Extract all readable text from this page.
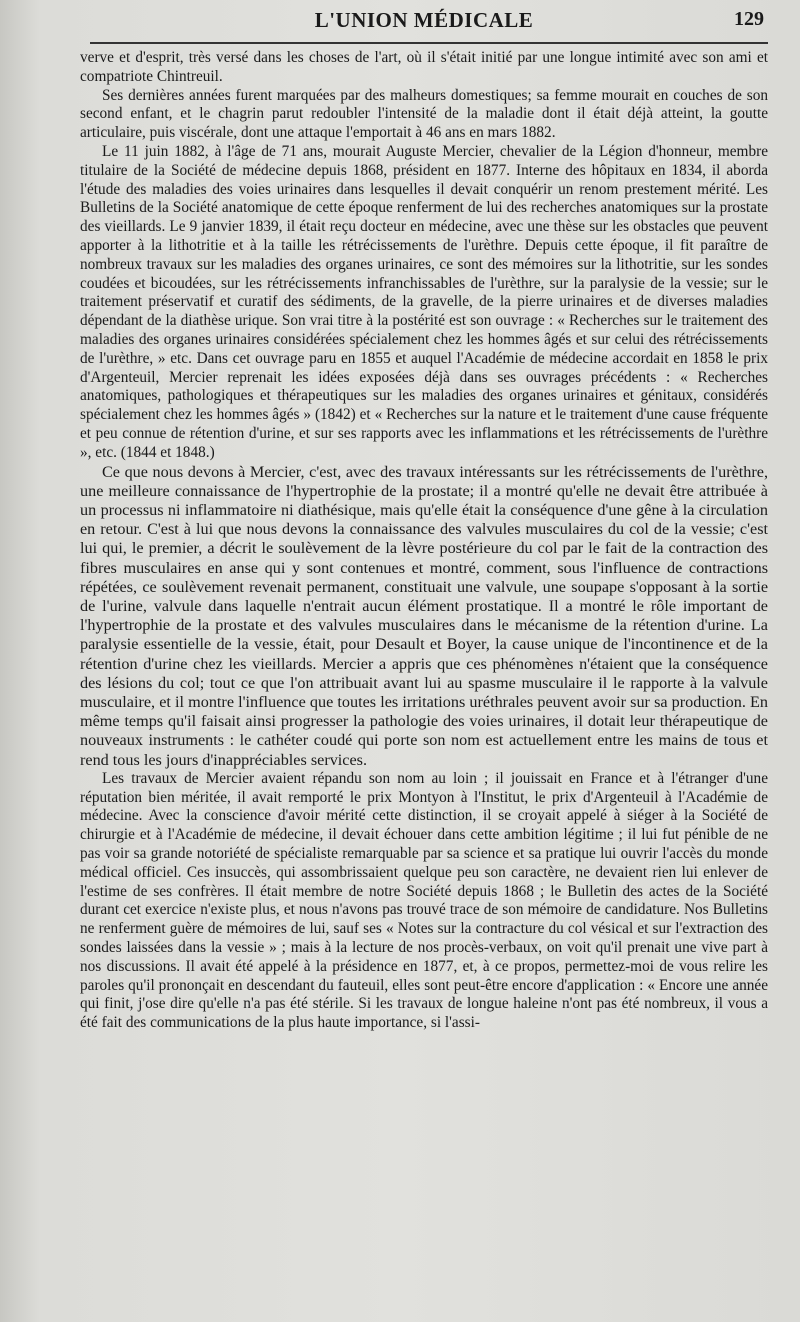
L'UNION MÉDICALE	129

verve et d'esprit, très versé dans les choses de l'art, où il s'était initié par une longue intimité avec son ami et compatriote Chintreuil.

Ses dernières années furent marquées par des malheurs domestiques; sa femme mourait en couches de son second enfant, et le chagrin parut redoubler l'intensité de la maladie dont il était déjà atteint, la goutte articulaire, puis viscérale, dont une attaque l'emportait à 46 ans en mars 1882.

Le 11 juin 1882, à l'âge de 71 ans, mourait Auguste Mercier, chevalier de la Légion d'honneur, membre titulaire de la Société de médecine depuis 1868, président en 1877. Interne des hôpitaux en 1834, il aborda l'étude des maladies des voies urinaires dans lesquelles il devait conquérir un renom prestement mérité. Les Bulletins de la Société anatomique de cette époque renferment de lui des recherches anatomiques sur la prostate des vieillards. Le 9 janvier 1839, il était reçu docteur en médecine, avec une thèse sur les obstacles que peuvent apporter à la lithotritie et à la taille les rétrécissements de l'urèthre. Depuis cette époque, il fit paraître de nombreux travaux sur les maladies des organes urinaires, ce sont des mémoires sur la lithotritie, sur les sondes coudées et bicoudées, sur les rétrécissements infranchissables de l'urèthre, sur la paralysie de la vessie; sur le traitement préservatif et curatif des sédiments, de la gravelle, de la pierre urinaires et de diverses maladies dépendant de la diathèse urique. Son vrai titre à la postérité est son ouvrage : « Recherches sur le traitement des maladies des organes urinaires considérées spécialement chez les hommes âgés et sur celui des rétrécissements de l'urèthre, » etc. Dans cet ouvrage paru en 1855 et auquel l'Académie de médecine accordait en 1858 le prix d'Argenteuil, Mercier reprenait les idées exposées déjà dans ses ouvrages précédents : « Recherches anatomiques, pathologiques et thérapeutiques sur les maladies des organes urinaires et génitaux, considérés spécialement chez les hommes âgés » (1842) et « Recherches sur la nature et le traitement d'une cause fréquente et peu connue de rétention d'urine, et sur ses rapports avec les inflammations et les rétrécissements de l'urèthre », etc. (1844 et 1848.)

Ce que nous devons à Mercier, c'est, avec des travaux intéressants sur les rétrécissements de l'urèthre, une meilleure connaissance de l'hypertrophie de la prostate; il a montré qu'elle ne devait être attribuée à un processus ni inflammatoire ni diathésique, mais qu'elle était la conséquence d'une gêne à la circulation en retour. C'est à lui que nous devons la connaissance des valvules musculaires du col de la vessie; c'est lui qui, le premier, a décrit le soulèvement de la lèvre postérieure du col par le fait de la contraction des fibres musculaires en anse qui y sont contenues et montré, comment, sous l'influence de contractions répétées, ce soulèvement revenait permanent, constituait une valvule, une soupape s'opposant à la sortie de l'urine, valvule dans laquelle n'entrait aucun élément prostatique. Il a montré le rôle important de l'hypertrophie de la prostate et des valvules musculaires dans le mécanisme de la rétention d'urine. La paralysie essentielle de la vessie, était, pour Desault et Boyer, la cause unique de l'incontinence et de la rétention d'urine chez les vieillards. Mercier a appris que ces phénomènes n'étaient que la conséquence des lésions du col; tout ce que l'on attribuait avant lui au spasme musculaire il le rapporte à la valvule musculaire, et il montre l'influence que toutes les irritations uréthrales peuvent avoir sur sa production. En même temps qu'il faisait ainsi progresser la pathologie des voies urinaires, il dotait leur thérapeutique de nouveaux instruments : le cathéter coudé qui porte son nom est actuellement entre les mains de tous et rend tous les jours d'inappréciables services.

Les travaux de Mercier avaient répandu son nom au loin ; il jouissait en France et à l'étranger d'une réputation bien méritée, il avait remporté le prix Montyon à l'Institut, le prix d'Argenteuil à l'Académie de médecine. Avec la conscience d'avoir mérité cette distinction, il se croyait appelé à siéger à la Société de chirurgie et à l'Académie de médecine, il devait échouer dans cette ambition légitime ; il lui fut pénible de ne pas voir sa grande notoriété de spécialiste remarquable par sa science et sa pratique lui ouvrir l'accès du monde médical officiel. Ces insuccès, qui assombrissaient quelque peu son caractère, ne devaient rien lui enlever de l'estime de ses confrères. Il était membre de notre Société depuis 1868 ; le Bulletin des actes de la Société durant cet exercice n'existe plus, et nous n'avons pas trouvé trace de son mémoire de candidature. Nos Bulletins ne renferment guère de mémoires de lui, sauf ses « Notes sur la contracture du col vésical et sur l'extraction des sondes laissées dans la vessie » ; mais à la lecture de nos procès-verbaux, on voit qu'il prenait une vive part à nos discussions. Il avait été appelé à la présidence en 1877, et, à ce propos, permettez-moi de vous relire les paroles qu'il prononçait en descendant du fauteuil, elles sont peut-être encore d'application : « Encore une année qui finit, j'ose dire qu'elle n'a pas été stérile. Si les travaux de longue haleine n'ont pas été nombreux, il vous a été fait des communications de la plus haute importance, si l'assi-
